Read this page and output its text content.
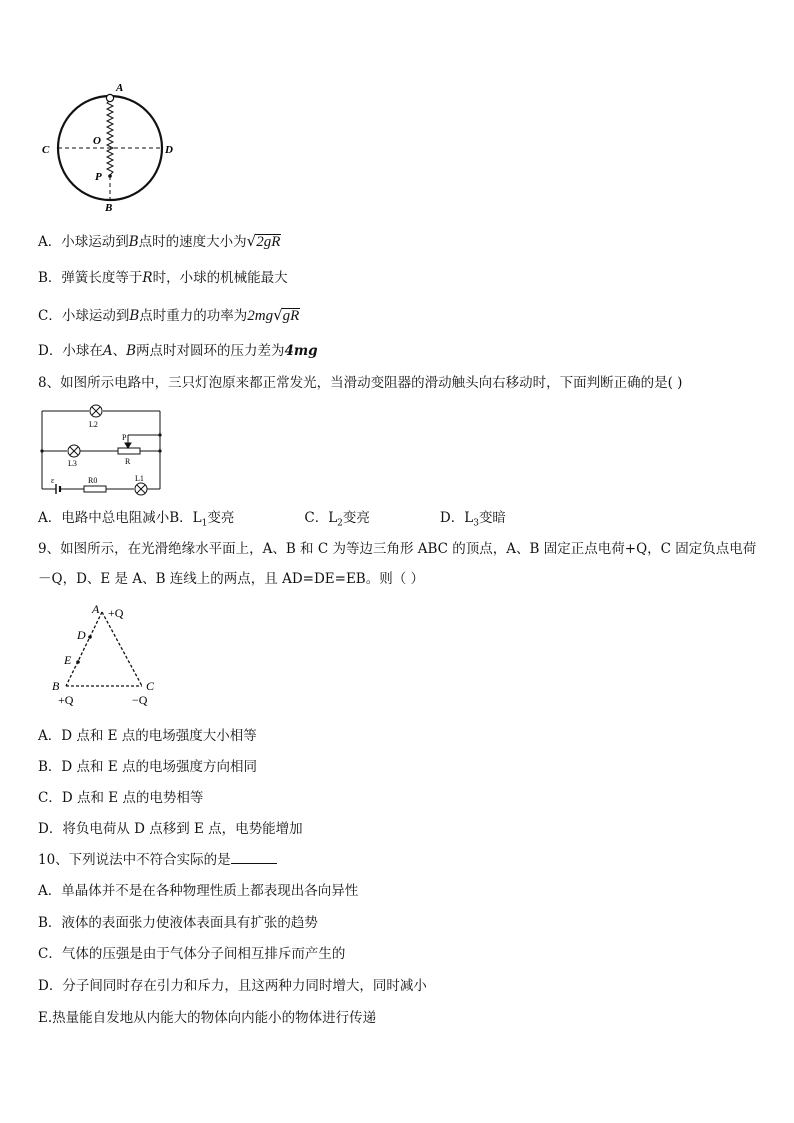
A
C	D
O
P
B
A．小球运动到B点时的速度大小为√2gR
B．弹簧长度等于R时，小球的机械能最大
C．小球运动到B点时重力的功率为2mg√gR
D．小球在A、B两点时对圆环的压力差为4mg
8、如图所示电路中，三只灯泡原来都正常发光，当滑动变阻器的滑动触头向右移动时，下面判断正确的是( )
L2
L3
P
R
ε	R0	L1
A．电路中总电阻减小B．$L_1$变亮	C．$L_2$变亮	D．$L_3$变暗
9、如图所示，在光滑绝缘水平面上，A、B 和 C 为等边三角形 ABC 的顶点，A、B 固定正点电荷+Q，C 固定负点电荷
－Q，D、E 是 A、B 连线上的两点，且 AD=DE=EB。则（ ）
A +Q
D
E
B	C
+Q	−Q
A．D 点和 E 点的电场强度大小相等
B．D 点和 E 点的电场强度方向相同
C．D 点和 E 点的电势相等
D．将负电荷从 D 点移到 E 点，电势能增加
10、下列说法中不符合实际的是
A．单晶体并不是在各种物理性质上都表现出各向异性
B．液体的表面张力使液体表面具有扩张的趋势
C．气体的压强是由于气体分子间相互排斥而产生的
D．分子间同时存在引力和斥力，且这两种力同时增大，同时减小
E.热量能自发地从内能大的物体向内能小的物体进行传递
